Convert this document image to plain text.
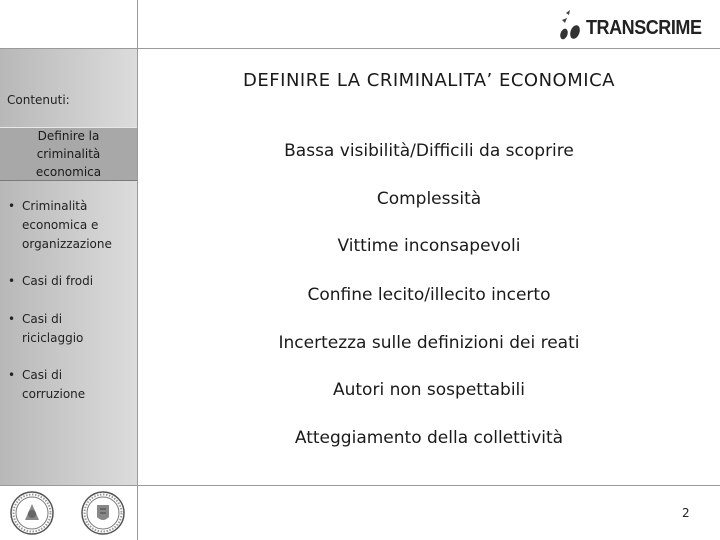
TRANSCRIME
Contenuti:
Definire la
criminalità
economica
• Criminalità
economica e
organizzazione
• Casi di frodi
• Casi di
riciclaggio
• Casi di
corruzione
DEFINIRE LA CRIMINALITA’ ECONOMICA
Bassa visibilità/Difficili da scoprire
Complessità
Vittime inconsapevoli
Confine lecito/illecito incerto
Incertezza sulle definizioni dei reati
Autori non sospettabili
Atteggiamento della collettività
2
